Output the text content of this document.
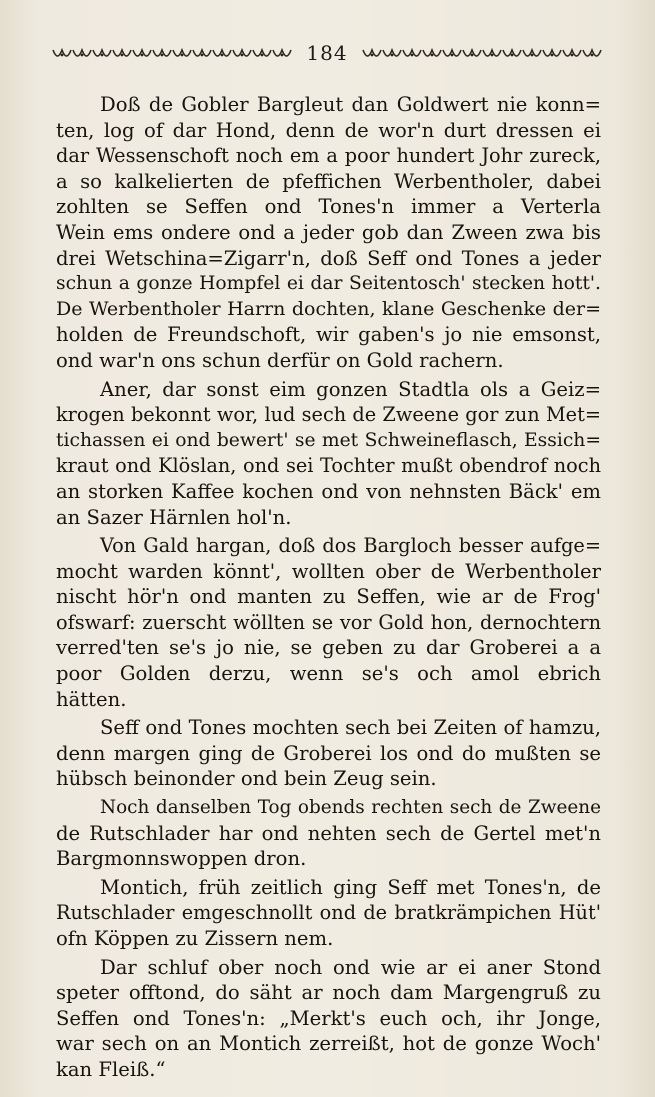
184

Doß de Gobler Bargleut dan Goldwert nie konn=
ten, log of dar Hond, denn de wor'n durt dressen ei
dar Wessenschoft noch em a poor hundert Johr zureck,
a so kalkelierten de pfeffichen Werbentholer, dabei
zohlten se Seffen ond Tones'n immer a Verterla
Wein ems ondere ond a jeder gob dan Zween zwa bis
drei Wetschina=Zigarr'n, doß Seff ond Tones a jeder
schun a gonze Hompfel ei dar Seitentosch' stecken hott'.
De Werbentholer Harrn dochten, klane Geschenke der=
holden de Freundschoft, wir gaben's jo nie emsonst,
ond war'n ons schun derfür on Gold rachern.

Aner, dar sonst eim gonzen Stadtla ols a Geiz=
krogen bekonnt wor, lud sech de Zweene gor zun Met=
tichassen ei ond bewert' se met Schweineflasch, Essich=
kraut ond Klöslan, ond sei Tochter mußt obendrof noch
an storken Kaffee kochen ond von nehnsten Bäck' em
an Sazer Härnlen hol'n.

Von Gald hargan, doß dos Bargloch besser aufge=
mocht warden könnt', wollten ober de Werbentholer
nischt hör'n ond manten zu Seffen, wie ar de Frog'
ofswarf: zuerscht wöllten se vor Gold hon, dernochtern
verred'ten se's jo nie, se geben zu dar Groberei a a
poor Golden derzu, wenn se's och amol ebrich
hätten.

Seff ond Tones mochten sech bei Zeiten of hamzu,
denn margen ging de Groberei los ond do mußten se
hübsch beinonder ond bein Zeug sein.

Noch danselben Tog obends rechten sech de Zweene
de Rutschlader har ond nehten sech de Gertel met'n
Bargmonnswoppen dron.

Montich, früh zeitlich ging Seff met Tones'n, de
Rutschlader emgeschnollt ond de bratkrämpichen Hüt'
ofn Köppen zu Zissern nem.

Dar schluf ober noch ond wie ar ei aner Stond
speter offtond, do säht ar noch dam Margengruß zu
Seffen ond Tones'n: „Merkt's euch och, ihr Jonge,
war sech on an Montich zerreißt, hot de gonze Woch'
kan Fleiß.“
